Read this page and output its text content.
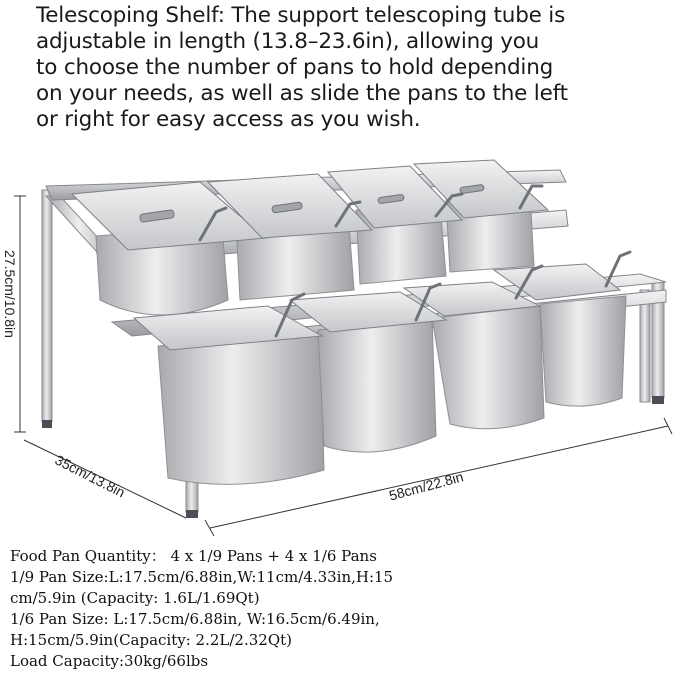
Telescoping Shelf: The support telescoping tube is
adjustable in length (13.8–23.6in), allowing you
to choose the number of pans to hold depending
on your needs, as well as slide the pans to the left
or right for easy access as you wish.
27.5cm/10.8in
35cm/13.8in	58cm/22.8in
Food Pan Quantity： 4 x 1/9 Pans + 4 x 1/6 Pans
1/9 Pan Size:L:17.5cm/6.88in,W:11cm/4.33in,H:15
cm/5.9in (Capacity: 1.6L/1.69Qt)
1/6 Pan Size: L:17.5cm/6.88in, W:16.5cm/6.49in,
H:15cm/5.9in(Capacity: 2.2L/2.32Qt)
Load Capacity:30kg/66lbs
